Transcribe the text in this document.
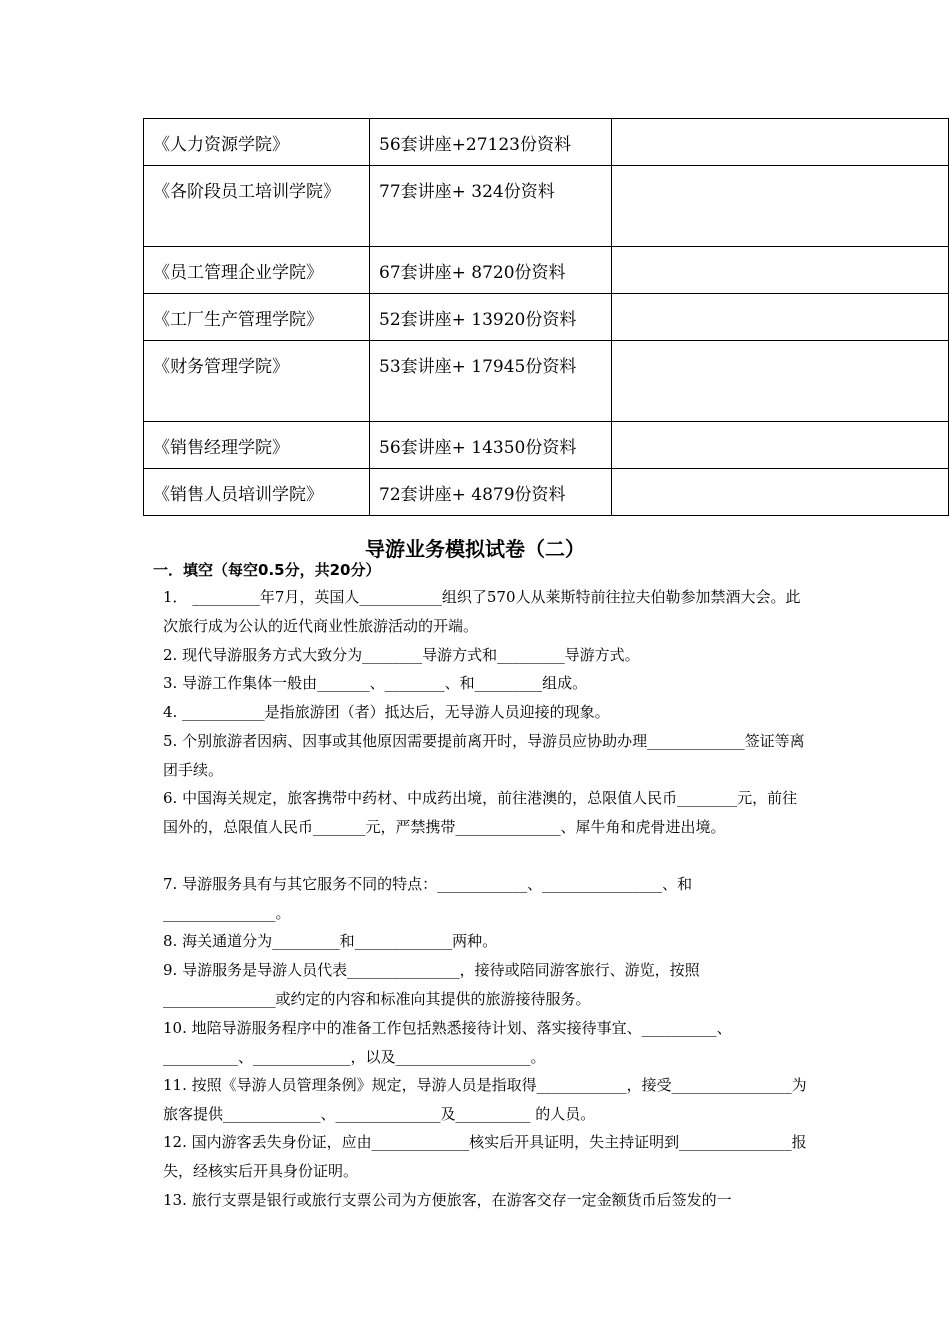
《人力资源学院》	56套讲座+27123份资料	
《各阶段员工培训学院》	77套讲座+ 324份资料	
《员工管理企业学院》	67套讲座+ 8720份资料	
《工厂生产管理学院》	52套讲座+ 13920份资料	
《财务管理学院》	53套讲座+ 17945份资料	
《销售经理学院》	56套讲座+ 14350份资料	
《销售人员培训学院》	72套讲座+ 4879份资料	
导游业务模拟试卷（二）
一．填空（每空0.5分，共20分）
1． _________年7月，英国人___________组织了570人从莱斯特前往拉夫伯勒参加禁酒大会。此次旅行成为公认的近代商业性旅游活动的开端。
2. 现代导游服务方式大致分为________导游方式和_________导游方式。
3. 导游工作集体一般由_______、________、和_________组成。
4. ___________是指旅游团（者）抵达后，无导游人员迎接的现象。
5. 个别旅游者因病、因事或其他原因需要提前离开时，导游员应协助办理_____________签证等离团手续。
6. 中国海关规定，旅客携带中药材、中成药出境，前往港澳的，总限值人民币________元，前往国外的，总限值人民币_______元，严禁携带______________、犀牛角和虎骨进出境。
7. 导游服务具有与其它服务不同的特点：____________、________________、和_______________。
8. 海关通道分为_________和_____________两种。
9. 导游服务是导游人员代表_______________，接待或陪同游客旅行、游览，按照_______________或约定的内容和标准向其提供的旅游接待服务。
10. 地陪导游服务程序中的准备工作包括熟悉接待计划、落实接待事宜、__________、__________、_____________，以及__________________。
11. 按照《导游人员管理条例》规定，导游人员是指取得____________，接受________________为旅客提供_____________、______________及__________ 的人员。
12. 国内游客丢失身份证，应由_____________核实后开具证明，失主持证明到_______________报失，经核实后开具身份证明。
13. 旅行支票是银行或旅行支票公司为方便旅客，在游客交存一定金额货币后签发的一
